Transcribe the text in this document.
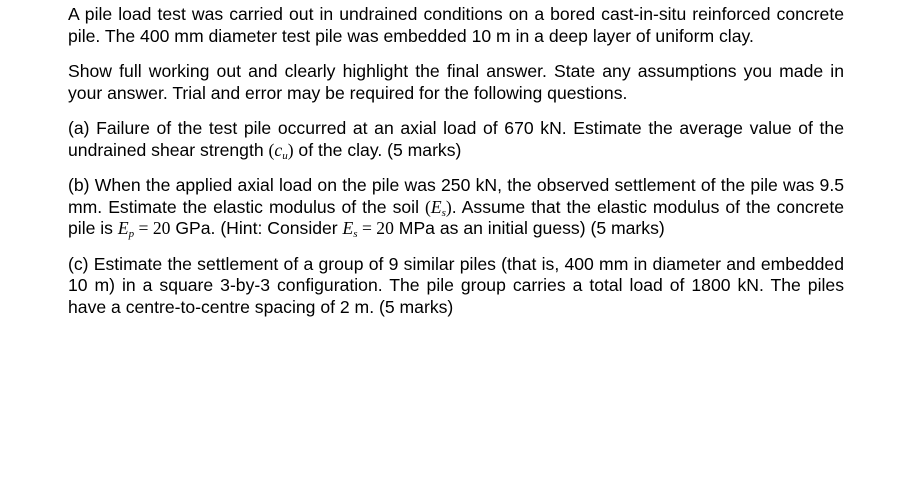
A pile load test was carried out in undrained conditions on a bored cast-in-situ reinforced concrete pile. The 400 mm diameter test pile was embedded 10 m in a deep layer of uniform clay.

Show full working out and clearly highlight the final answer. State any assumptions you made in your answer. Trial and error may be required for the following questions.

(a) Failure of the test pile occurred at an axial load of 670 kN. Estimate the average value of the undrained shear strength $(c_u)$ of the clay. (5 marks)

(b) When the applied axial load on the pile was 250 kN, the observed settlement of the pile was 9.5 mm. Estimate the elastic modulus of the soil $(E_s)$. Assume that the elastic modulus of the concrete pile is $E_p = 20$ GPa. (Hint: Consider $E_s = 20$ MPa as an initial guess) (5 marks)

(c) Estimate the settlement of a group of 9 similar piles (that is, 400 mm in diameter and embedded 10 m) in a square 3-by-3 configuration. The pile group carries a total load of 1800 kN. The piles have a centre-to-centre spacing of 2 m. (5 marks)
